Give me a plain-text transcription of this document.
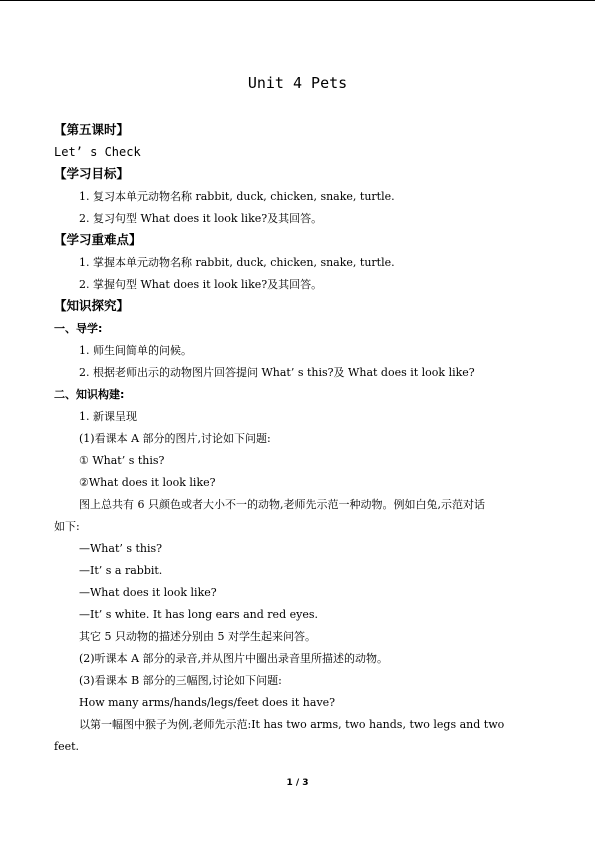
Unit 4 Pets
【第五课时】
Let’ s Check
【学习目标】
1. 复习本单元动物名称 rabbit, duck, chicken, snake, turtle.
2. 复习句型 What does it look like?及其回答。
【学习重难点】
1. 掌握本单元动物名称 rabbit, duck, chicken, snake, turtle.
2. 掌握句型 What does it look like?及其回答。
【知识探究】
一、导学:
1. 师生间简单的问候。
2. 根据老师出示的动物图片回答提问 What’ s this?及 What does it look like?
二、知识构建:
1. 新课呈现
(1)看课本 A 部分的图片,讨论如下问题:
① What’ s this?
②What does it look like?
图上总共有 6 只颜色或者大小不一的动物,老师先示范一种动物。例如白兔,示范对话
如下:
—What’ s this?
—It’ s a rabbit.
—What does it look like?
—It’ s white. It has long ears and red eyes.
其它 5 只动物的描述分别由 5 对学生起来问答。
(2)听课本 A 部分的录音,并从图片中圈出录音里所描述的动物。
(3)看课本 B 部分的三幅图,讨论如下问题:
How many arms/hands/legs/feet does it have?
以第一幅图中猴子为例,老师先示范:It has two arms, two hands, two legs and two
feet.
1 / 3
